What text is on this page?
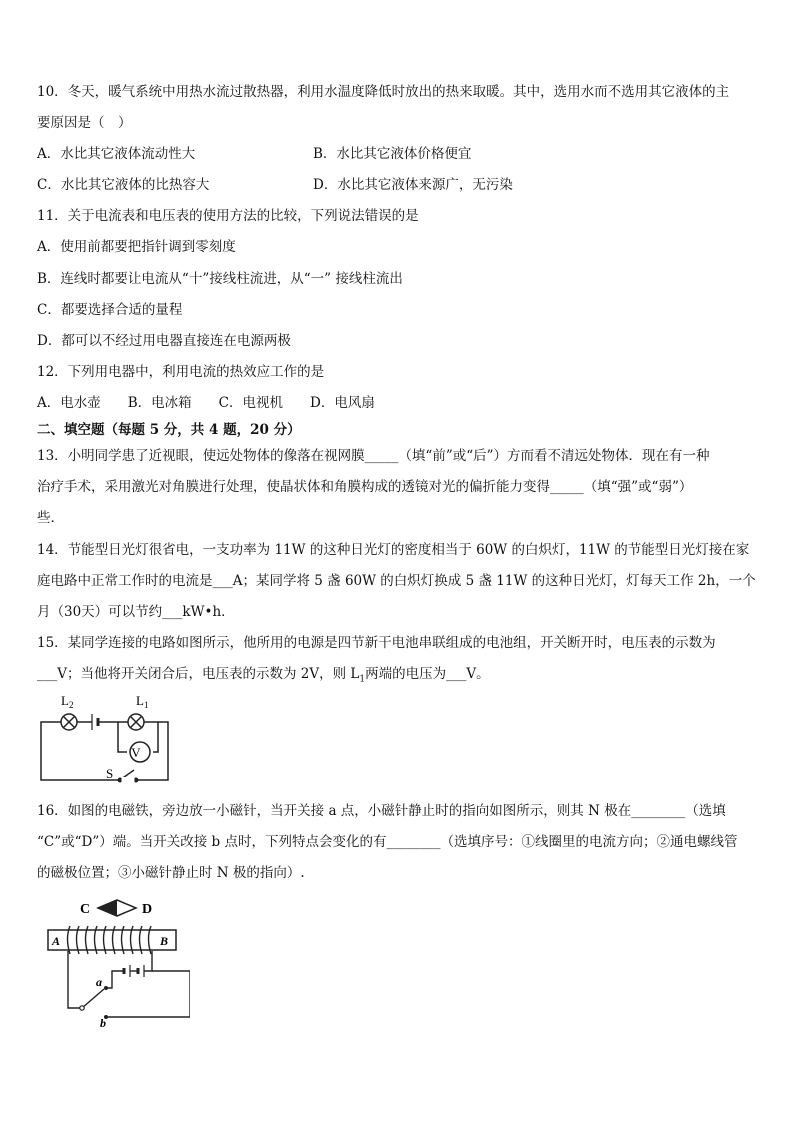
10．冬天，暖气系统中用热水流过散热器，利用水温度降低时放出的热来取暖。其中，选用水而不选用其它液体的主
要原因是（　）
A．水比其它液体流动性大	B．水比其它液体价格便宜
C．水比其它液体的比热容大	D．水比其它液体来源广，无污染
11．关于电流表和电压表的使用方法的比较，下列说法错误的是
A．使用前都要把指针调到零刻度
B．连线时都要让电流从“十”接线柱流进，从“一” 接线柱流出
C．都要选择合适的量程
D．都可以不经过用电器直接连在电源两极
12．下列用电器中，利用电流的热效应工作的是
A．电水壶　　B．电冰箱　　C．电视机　　D．电风扇
二、填空题（每题 5 分，共 4 题，20 分）
13．小明同学患了近视眼，使远处物体的像落在视网膜_____（填“前”或“后”）方而看不清远处物体．现在有一种
治疗手术，采用激光对角膜进行处理，使晶状体和角膜构成的透镜对光的偏折能力变得_____（填“强”或“弱”）
些．
14．节能型日光灯很省电，一支功率为 11W 的这种日光灯的密度相当于 60W 的白炽灯，11W 的节能型日光灯接在家
庭电路中正常工作时的电流是___A；某同学将 5 盏 60W 的白炽灯换成 5 盏 11W 的这种日光灯，灯每天工作 2h，一个
月（30天）可以节约___kW•h．
15．某同学连接的电路如图所示，他所用的电源是四节新干电池串联组成的电池组，开关断开时，电压表的示数为
___V；当他将开关闭合后，电压表的示数为 2V，则 $L_1$两端的电压为___V。
$L_2$	$L_1$
V
S
16．如图的电磁铁，旁边放一小磁针，当开关接 a 点，小磁针静止时的指向如图所示，则其 N 极在________（选填
“C”或“D”）端。当开关改接 b 点时，下列特点会变化的有________（选填序号：①线圈里的电流方向；②通电螺线管
的磁极位置；③小磁针静止时 N 极的指向）.
C	D
A	B
a
b
